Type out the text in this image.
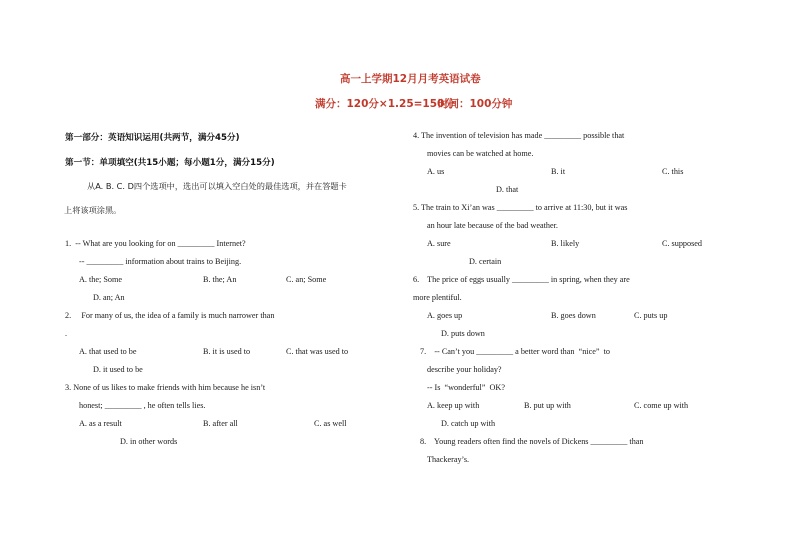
高一上学期12月月考英语试卷
满分：120分×1.25=150分
时间：100分钟
第一部分：英语知识运用(共两节，满分45分)
第一节：单项填空(共15小题；每小题1分，满分15分)
从A. B. C. D四个选项中，选出可以填入空白处的最佳选项，并在答题卡
上将该项涂黑。
1.  -- What are you looking for on _________ Internet?
-- _________ information about trains to Beijing.
A. the; Some	B. the; An	C. an; Some
D. an; An
2.     For many of us, the idea of a family is much narrower than
.
A. that used to be	B. it is used to	C. that was used to
D. it used to be
3. None of us likes to make friends with him because he isn’t
honest; _________ , he often tells lies.
A. as a result	B. after all	C. as well
D. in other words
4. The invention of television has made _________ possible that
movies can be watched at home.
A. us	B. it	C. this
D. that
5. The train to Xi’an was _________ to arrive at 11:30, but it was
an hour late because of the bad weather.
A. sure	B. likely	C. supposed
D. certain
6.    The price of eggs usually _________ in spring, when they are
more plentiful.
A. goes up	B. goes down	C. puts up
D. puts down
7.    -- Can’t you _________ a better word than  “nice”  to
describe your holiday?
-- Is  “wonderful”  OK?
A. keep up with	B. put up with	C. come up with
D. catch up with
8.    Young readers often find the novels of Dickens _________ than
Thackeray’s.
